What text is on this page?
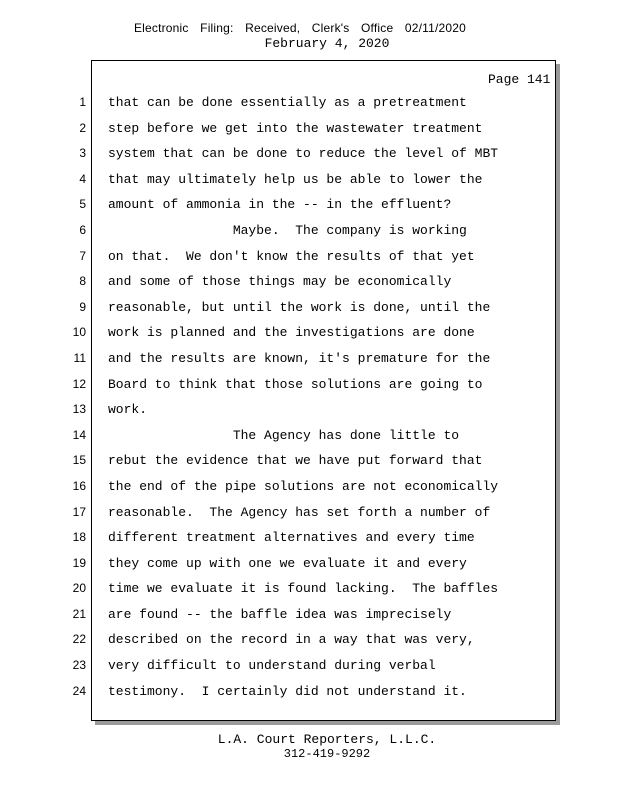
Electronic Filing: Received, Clerk's Office 02/11/2020
February 4, 2020
Page 141
1 that can be done essentially as a pretreatment
2 step before we get into the wastewater treatment
3 system that can be done to reduce the level of MBT
4 that may ultimately help us be able to lower the
5 amount of ammonia in the -- in the effluent?
6 Maybe.  The company is working
7 on that.  We don't know the results of that yet
8 and some of those things may be economically
9 reasonable, but until the work is done, until the
10 work is planned and the investigations are done
11 and the results are known, it's premature for the
12 Board to think that those solutions are going to
13 work.
14 The Agency has done little to
15 rebut the evidence that we have put forward that
16 the end of the pipe solutions are not economically
17 reasonable.  The Agency has set forth a number of
18 different treatment alternatives and every time
19 they come up with one we evaluate it and every
20 time we evaluate it is found lacking.  The baffles
21 are found -- the baffle idea was imprecisely
22 described on the record in a way that was very,
23 very difficult to understand during verbal
24 testimony.  I certainly did not understand it.
L.A. Court Reporters, L.L.C.
312-419-9292
